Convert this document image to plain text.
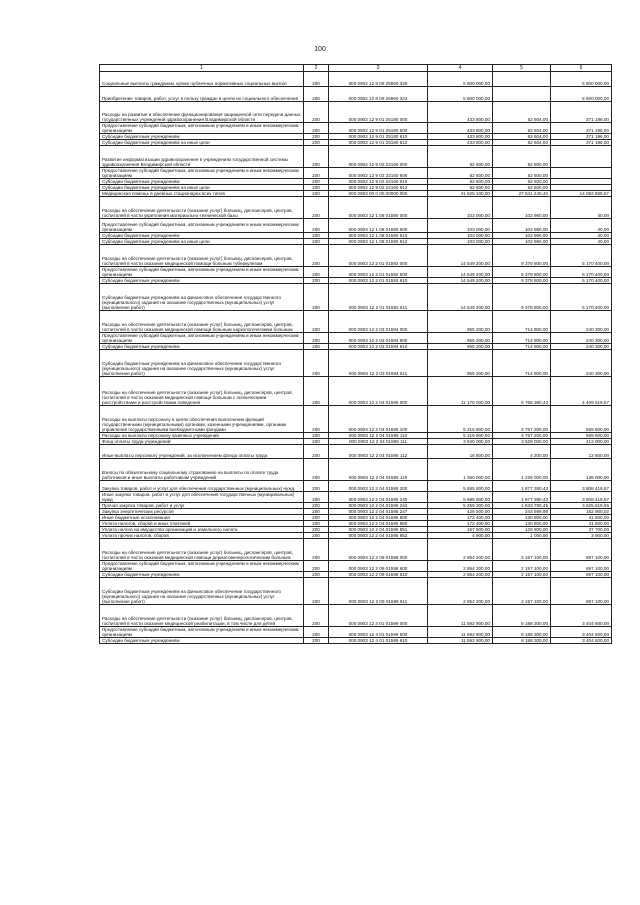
100
1	2	3	4	5	6
Социальные выплаты гражданам, кроме публичных нормативных социальных выплат	200	000 0902 12 8 09 25860 320	5 800 000,00		5 800 000,00
Приобретение товаров, работ, услуг в пользу граждан в целях их социального обеспечения	200	000 0902 12 8 09 25860 323	5 800 000,00		5 800 000,00
Расходы на развитие и обеспечение функционирования защищенной сети передачи данных государственных учреждений здравоохранения Владимирской области	200	000 0902 12 9 01 25180 000	433 800,00	62 604,00	371 196,00
Предоставление субсидий бюджетным, автономным учреждениям и иным некоммерческим организациям	200	000 0902 12 9 01 25180 600	433 800,00	62 604,00	371 196,00
Субсидии бюджетным учреждениям	200	000 0902 12 9 01 25180 610	433 800,00	62 604,00	371 196,00
Субсидии бюджетным учреждениям на иные цели	200	000 0902 12 9 01 25180 612	433 800,00	62 604,00	371 196,00
Развитие информатизации здравоохранения в учреждениях государственной системы здравоохранения Владимирской области	200	000 0902 12 9 02 22160 000	62 600,00	62 600,00	
Предоставление субсидий бюджетным, автономным учреждениям и иным некоммерческим организациям	200	000 0902 12 9 02 22160 600	62 600,00	62 600,00	
Субсидии бюджетным учреждениям	200	000 0902 12 9 02 22160 610	62 600,00	62 600,00	
Субсидии бюджетным учреждениям на иные цели	200	000 0902 12 9 02 22160 612	62 600,00	62 600,00	
Медицинская помощь в дневных стационарах всех типов	200	000 0903 00 0 00 00000 000	41 625 100,00	27 541 240,43	14 083 859,57
Расходы на обеспечение деятельности (оказание услуг) больниц, диспансеров, центров, госпиталей в части укрепления материально-технической базы	200	000 0903 12 1 08 01590 000	103 000,00	102 960,00	40,00
Предоставление субсидий бюджетным, автономным учреждениям и иным некоммерческим организациям	200	000 0903 12 1 08 01590 600	103 000,00	102 960,00	40,00
Субсидии бюджетным учреждениям	200	000 0903 12 1 08 01590 610	103 000,00	102 960,00	40,00
Субсидии бюджетным учреждениям на иные цели	200	000 0903 12 1 08 01590 612	103 000,00	102 960,00	40,00
Расходы на обеспечение деятельности (оказание услуг) больниц, диспансеров, центров, госпиталей в части оказания медицинской помощи больным туберкулезом	200	000 0903 12 2 01 01592 000	14 549 200,00	9 378 800,00	5 170 400,00
Предоставление субсидий бюджетным, автономным учреждениям и иным некоммерческим организациям	200	000 0903 12 2 01 01592 600	14 549 200,00	9 378 800,00	5 170 400,00
Субсидии бюджетным учреждениям	200	000 0903 12 2 01 01592 610	14 549 200,00	9 378 800,00	5 170 400,00
Субсидии бюджетным учреждениям на финансовое обеспечение государственного (муниципального) задания на оказание государственных (муниципальных) услуг (выполнение работ)	200	000 0903 12 2 01 01592 611	14 549 200,00	9 378 800,00	5 170 400,00
Расходы на обеспечение деятельности (оказание услуг) больниц, диспансеров, центров, госпиталей в части оказания медицинской помощи больным наркологическими больным	200	000 0903 12 2 03 01594 000	955 200,00	714 900,00	240 300,00
Предоставление субсидий бюджетным, автономным учреждениям и иным некоммерческим организациям	200	000 0903 12 2 03 01594 600	955 200,00	714 900,00	240 300,00
Субсидии бюджетным учреждениям	200	000 0903 12 2 03 01594 610	955 200,00	714 900,00	240 300,00
Субсидии бюджетным учреждениям на финансовое обеспечение государственного (муниципального) задания на оказание государственных (муниципальных) услуг (выполнение работ)	200	000 0903 12 2 03 01594 611	955 200,00	714 900,00	240 300,00
Расходы на обеспечение деятельности (оказание услуг) больниц, диспансеров, центров, госпиталей в части оказания медицинской помощи больным с психическими расстройствами и расстройствами поведения	200	000 0903 12 2 04 01595 000	11 175 000,00	6 765 380,43	4 409 619,57
Расходы на выплаты персоналу в целях обеспечения выполнения функций государственными (муниципальными) органами, казенными учреждениями, органами управления государственными внебюджетными фондами	200	000 0903 12 2 04 01595 100	5 316 800,00	4 757 200,00	559 600,00
Расходы на выплаты персоналу казенных учреждений	200	000 0903 12 2 04 01595 110	5 316 800,00	4 757 200,00	559 600,00
Фонд оплаты труда учреждений	200	000 0903 12 2 04 01595 111	3 940 000,00	3 528 000,00	412 000,00
Иные выплаты персоналу учреждений, за исключением фонда оплаты труда	200	000 0903 12 2 04 01595 112	16 800,00	4 200,00	12 600,00
Взносы по обязательному социальному страхованию на выплаты по оплате труда работников и иные выплаты работникам учреждений	200	000 0903 12 2 04 01595 119	1 360 000,00	1 225 000,00	135 000,00
Закупка товаров, работ и услуг для обеспечения государственных (муниципальных) нужд	200	000 0903 12 2 04 01595 200	5 685 800,00	1 877 380,43	3 808 419,57
Иные закупки товаров, работ и услуг для обеспечения государственных (муниципальных) нужд	200	000 0903 12 2 04 01595 240	5 685 800,00	1 877 380,43	3 808 419,57
Прочая закупка товаров, работ и услуг	200	000 0903 12 2 04 01595 244	5 259 300,00	1 633 780,45	3 625 519,55
Закупка энергетических ресурсов	200	000 0903 12 2 04 01595 247	426 500,00	243 599,98	182 900,02
Иные бюджетные ассигнования	200	000 0903 12 2 04 01595 800	172 400,00	130 800,00	41 600,00
Уплата налогов, сборов и иных платежей	200	000 0903 12 2 04 01595 850	172 400,00	130 800,00	41 600,00
Уплата налога на имущество организаций и земельного налога	200	000 0903 12 2 04 01595 851	167 500,00	129 800,00	37 700,00
Уплата прочих налогов, сборов	200	000 0903 12 2 04 01595 852	4 900,00	1 000,00	3 900,00
Расходы на обеспечение деятельности (оказание услуг) больниц, диспансеров, центров, госпиталей в части оказания медицинской помощи дерматовенерологическим больным	200	000 0903 12 2 09 01598 000	2 854 200,00	2 157 100,00	697 100,00
Предоставление субсидий бюджетным, автономным учреждениям и иным некоммерческим организациям	200	000 0903 12 2 09 01598 600	2 854 200,00	2 157 100,00	697 100,00
Субсидии бюджетным учреждениям	200	000 0903 12 2 09 01598 610	2 854 200,00	2 157 100,00	697 100,00
Субсидии бюджетным учреждениям на финансовое обеспечение государственного (муниципального) задания на оказание государственных (муниципальных) услуг (выполнение работ)	200	000 0903 12 2 09 01598 611	2 854 200,00	2 157 100,00	697 100,00
Расходы на обеспечение деятельности (оказание услуг) больниц, диспансеров, центров, госпиталей в части оказания медицинской реабилитации, в том числе для детей	200	000 0903 12 4 01 01599 000	11 592 900,00	8 188 300,00	3 404 600,00
Предоставление субсидий бюджетным, автономным учреждениям и иным некоммерческим организациям	200	000 0903 12 4 01 01599 600	11 592 900,00	8 188 300,00	3 404 600,00
Субсидии бюджетным учреждениям	200	000 0903 12 4 01 01599 610	11 592 900,00	8 188 300,00	3 404 600,00
